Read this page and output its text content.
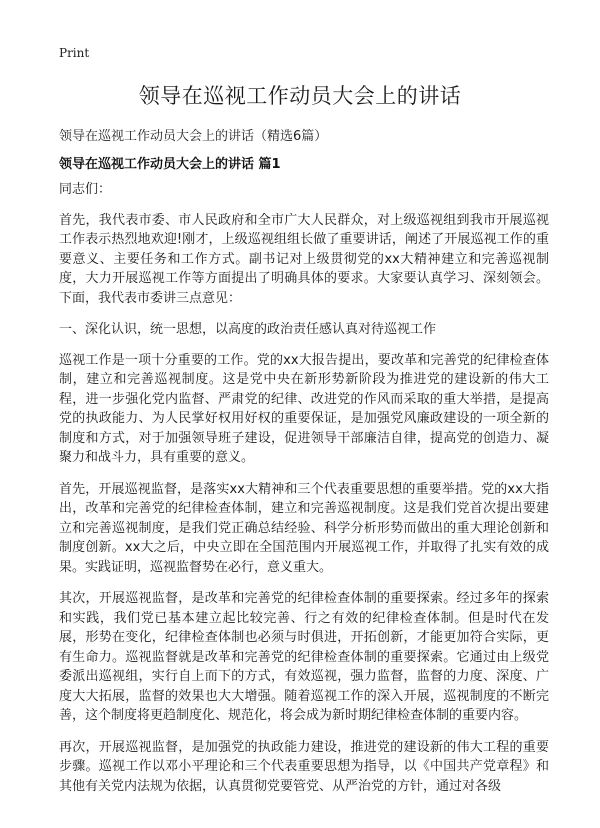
Print
领导在巡视工作动员大会上的讲话
领导在巡视工作动员大会上的讲话（精选6篇）
领导在巡视工作动员大会上的讲话 篇1

同志们：

首先，我代表市委、市人民政府和全市广大人民群众，对上级巡视组到我市开展巡视工作表示热烈地欢迎!刚才，上级巡视组组长做了重要讲话，阐述了开展巡视工作的重要意义、主要任务和工作方式。副书记对上级贯彻党的xx大精神建立和完善巡视制度，大力开展巡视工作等方面提出了明确具体的要求。大家要认真学习、深刻领会。下面，我代表市委讲三点意见：

一、深化认识，统一思想，以高度的政治责任感认真对待巡视工作

巡视工作是一项十分重要的工作。党的xx大报告提出，要改革和完善党的纪律检查体制，建立和完善巡视制度。这是党中央在新形势新阶段为推进党的建设新的伟大工程，进一步强化党内监督、严肃党的纪律、改进党的作风而采取的重大举措，是提高党的执政能力、为人民掌好权用好权的重要保证，是加强党风廉政建设的一项全新的制度和方式，对于加强领导班子建设，促进领导干部廉洁自律，提高党的创造力、凝聚力和战斗力，具有重要的意义。

首先，开展巡视监督，是落实xx大精神和三个代表重要思想的重要举措。党的xx大指出，改革和完善党的纪律检查体制，建立和完善巡视制度。这是我们党首次提出要建立和完善巡视制度，是我们党正确总结经验、科学分析形势而做出的重大理论创新和制度创新。xx大之后，中央立即在全国范围内开展巡视工作，并取得了扎实有效的成果。实践证明，巡视监督势在必行，意义重大。

其次，开展巡视监督，是改革和完善党的纪律检查体制的重要探索。经过多年的探索和实践，我们党已基本建立起比较完善、行之有效的纪律检查体制。但是时代在发展，形势在变化，纪律检查体制也必须与时俱进，开拓创新，才能更加符合实际，更有生命力。巡视监督就是改革和完善党的纪律检查体制的重要探索。它通过由上级党委派出巡视组，实行自上而下的方式，有效巡视，强力监督，监督的力度、深度、广度大大拓展，监督的效果也大大增强。随着巡视工作的深入开展，巡视制度的不断完善，这个制度将更趋制度化、规范化，将会成为新时期纪律检查体制的重要内容。

再次，开展巡视监督，是加强党的执政能力建设，推进党的建设新的伟大工程的重要步骤。巡视工作以邓小平理论和三个代表重要思想为指导，以《中国共产党章程》和其他有关党内法规为依据，认真贯彻党要管党、从严治党的方针，通过对各级
